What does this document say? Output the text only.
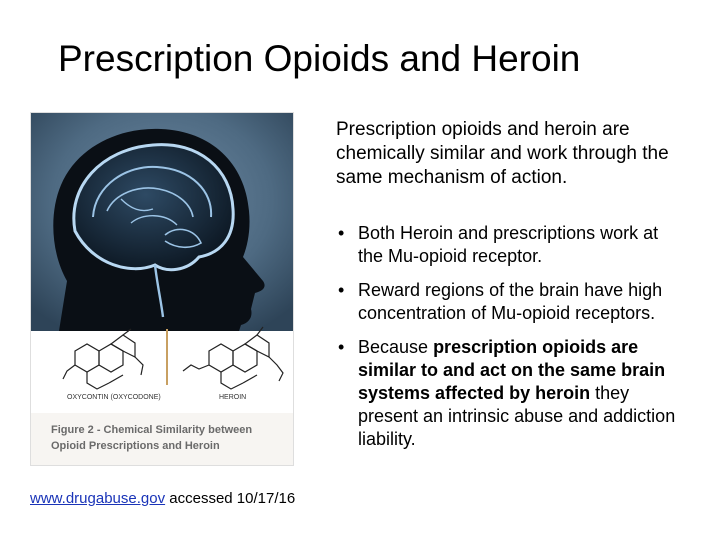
Prescription Opioids and Heroin
OXYCONTIN (OXYCODONE)	HEROIN
Figure 2 - Chemical Similarity between
Opioid Prescriptions and Heroin
www.drugabuse.gov accessed 10/17/16

Prescription opioids and heroin are chemically similar and work through the same mechanism of action.

• Both Heroin and prescriptions work at the Mu-opioid receptor.
• Reward regions of the brain have high concentration of Mu-opioid receptors.
• Because prescription opioids are similar to and act on the same brain systems affected by heroin they present an intrinsic abuse and addiction liability.
